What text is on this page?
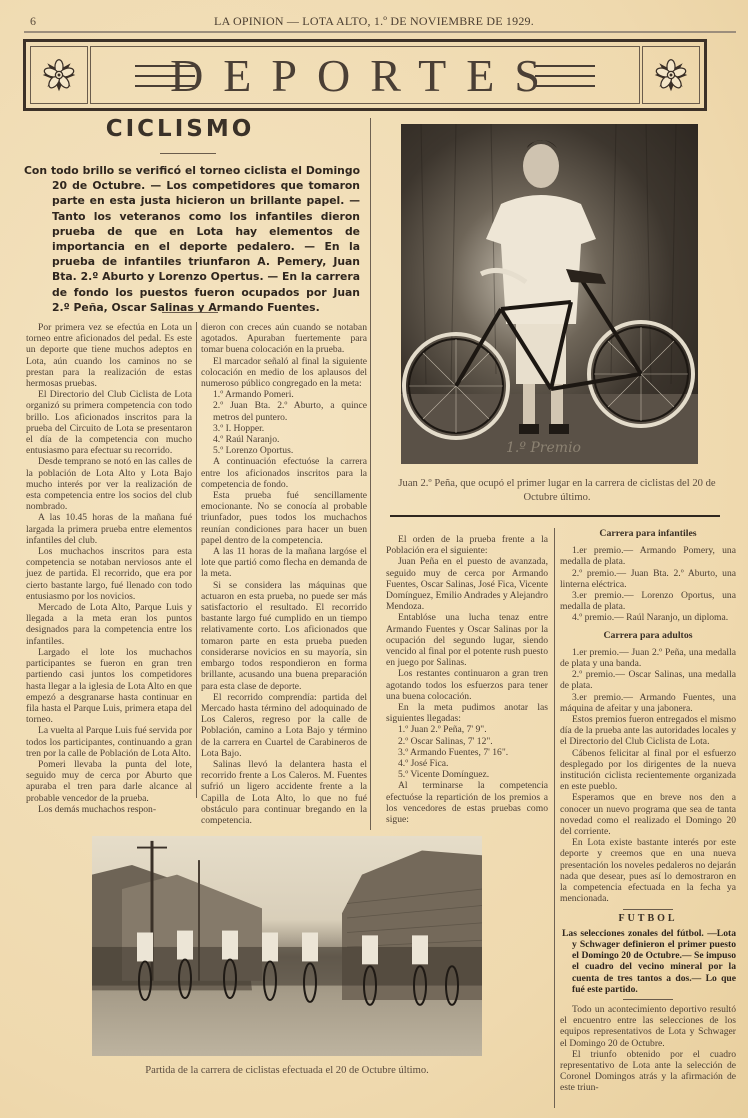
6	LA OPINION — LOTA ALTO, 1.º DE NOVIEMBRE DE 1929.
DEPORTES
CICLISMO
Con todo brillo se verificó el torneo ciclista el Domingo 20 de Octubre. — Los competidores que tomaron parte en esta justa hicieron un brillante papel. — Tanto los veteranos como los infantiles dieron prueba de que en Lota hay elementos de importancia en el deporte pedalero. — En la prueba de infantiles triunfaron A. Pemery, Juan Bta. 2.º Aburto y Lorenzo Opertus. — En la carrera de fondo los puestos fueron ocupados por Juan 2.º Peña, Oscar Salinas y Armando Fuentes.

Por primera vez se efectúa en Lota un torneo entre aficionados del pedal. Es este un deporte que tiene muchos adeptos en Lota, aún cuando los caminos no se prestan para la realización de estas hermosas pruebas.

El Directorio del Club Ciclista de Lota organizó su primera competencia con todo brillo. Los aficionados inscritos para la prueba del Circuito de Lota se presentaron el día de la competencia con mucho entusiasmo para efectuar su recorrido.

Desde temprano se notó en las calles de la población de Lota Alto y Lota Bajo mucho interés por ver la realización de esta competencia entre los socios del club nombrado.

A las 10.45 horas de la mañana fué largada la primera prueba entre elementos infantiles del club.

Los muchachos inscritos para esta competencia se notaban nerviosos ante el juez de partida. El recorrido, que era por cierto bastante largo, fué llenado con todo entusiasmo por los novicios.

Mercado de Lota Alto, Parque Luis y llegada a la meta eran los puntos designados para la competencia entre los infantiles.

Largado el lote los muchachos participantes se fueron en gran tren partiendo casi juntos los competidores hasta llegar a la iglesia de Lota Alto en que empezó a desgranarse hasta continuar en fila hasta el Parque Luis, primera etapa del torneo.

La vuelta al Parque Luis fué servida por todos los participantes, continuando a gran tren por la calle de Población de Lota Alto.

Pomeri llevaba la punta del lote, seguido muy de cerca por Aburto que apuraba el tren para darle alcance al probable vencedor de la prueba.

Los demás muchachos respon-

dieron con creces aún cuando se notaban agotados. Apuraban fuertemente para tomar buena colocación en la prueba.

El marcador señaló al final la siguiente colocación en medio de los aplausos del numeroso público congregado en la meta:

1.º Armando Pomeri.

2.º Juan Bta. 2.º Aburto, a quince metros del puntero.

3.º I. Hopper.

4.º Raúl Naranjo.

5.º Lorenzo Oportus.

A continuación efectuóse la carrera entre los aficionados inscritos para la competencia de fondo.

Esta prueba fué sencillamente emocionante. No se conocía al probable triunfador, pues todos los muchachos reunían condiciones para hacer un buen papel dentro de la competencia.

A las 11 horas de la mañana largóse el lote que partió como flecha en demanda de la meta.

Si se considera las máquinas que actuaron en esta prueba, no puede ser más satisfactorio el resultado. El recorrido bastante largo fué cumplido en un tiempo relativamente corto. Los aficionados que tomaron parte en esta prueba pueden considerarse novicios en su mayoría, sin embargo todos respondieron en forma brillante, acusando una buena preparación para esta clase de deporte.

El recorrido comprendía: partida del Mercado hasta término del adoquinado de Los Caleros, regreso por la calle de Población, camino a Lota Bajo y término de la carrera en Cuartel de Carabineros de Lota Bajo.

Salinas llevó la delantera hasta el recorrido frente a Los Caleros. M. Fuentes sufrió un ligero accidente frente a la Capilla de Lota Alto, lo que no fué obstáculo para continuar bregando en la competencia.

1.º Premio
Juan 2.º Peña, que ocupó el primer lugar en la carrera de ciclistas del 20 de Octubre último.

El orden de la prueba frente a la Población era el siguiente:

Juan Peña en el puesto de avanzada, seguido muy de cerca por Armando Fuentes, Oscar Salinas, José Fica, Vicente Domínguez, Emilio Andrades y Alejandro Mendoza.

Entablóse una lucha tenaz entre Armando Fuentes y Oscar Salinas por la ocupación del segundo lugar, siendo vencido al final por el potente rush puesto en juego por Salinas.

Los restantes continuaron a gran tren agotando todos los esfuerzos para tener una buena colocación.

En la meta pudimos anotar las siguientes llegadas:

1.º Juan 2.º Peña, 7' 9".

2.º Oscar Salinas, 7' 12".

3.º Armando Fuentes, 7' 16".

4.º José Fica.

5.º Vicente Domínguez.

Al terminarse la competencia efectuóse la repartición de los premios a los vencedores de estas pruebas como sigue:

Carrera para infantiles

1.er premio.— Armando Pomery, una medalla de plata.

2.º premio.— Juan Bta. 2.º Aburto, una linterna eléctrica.

3.er premio.— Lorenzo Oportus, una medalla de plata.

4.º premio.— Raúl Naranjo, un diploma.

Carrera para adultos

1.er premio.— Juan 2.º Peña, una medalla de plata y una banda.

2.º premio.— Oscar Salinas, una medalla de plata.

3.er premio.— Armando Fuentes, una máquina de afeitar y una jabonera.

Estos premios fueron entregados el mismo día de la prueba ante las autoridades locales y el Directorio del Club Ciclista de Lota.

Cábenos felicitar al final por el esfuerzo desplegado por los dirigentes de la nueva institución ciclista recientemente organizada en este pueblo.

Esperamos que en breve nos den a conocer un nuevo programa que sea de tanta novedad como el realizado el Domingo 20 del corriente.

En Lota existe bastante interés por este deporte y creemos que en una nueva presentación los noveles pedaleros no dejarán nada que desear, pues así lo demostraron en la competencia efectuada en la fecha ya mencionada.

FUTBOL
Las selecciones zonales del fútbol. —Lota y Schwager definieron el primer puesto el Domingo 20 de Octubre.— Se impuso el cuadro del vecino mineral por la cuenta de tres tantos a dos.— Lo que fué este partido.

Todo un acontecimiento deportivo resultó el encuentro entre las selecciones de los equipos representativos de Lota y Schwager el Domingo 20 de Octubre.

El triunfo obtenido por el cuadro representativo de Lota ante la selección de Coronel Domingos atrás y la afirmación de este triun-

Partida de la carrera de ciclistas efectuada el 20 de Octubre último.
